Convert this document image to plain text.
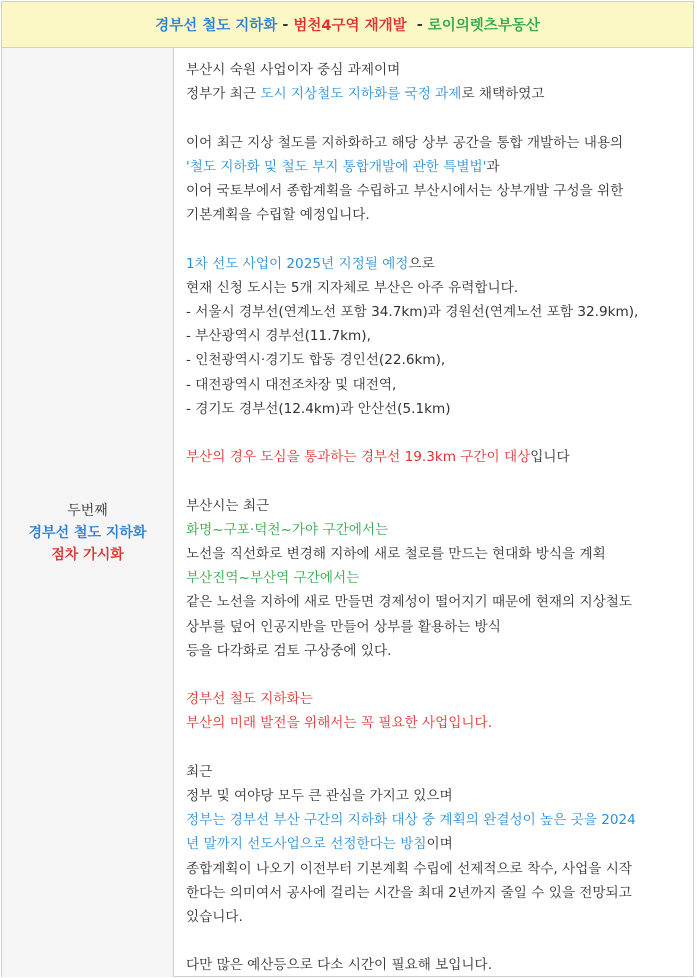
경부선 철도 지하화 - 범천4구역 재개발 - 로이의렛츠부동산
두번째
경부선 철도 지하화
점차 가시화
부산시 숙원 사업이자 중심 과제이며
정부가 최근 도시 지상철도 지하화를 국정 과제로 채택하였고
이어 최근 지상 철도를 지하화하고 해당 상부 공간을 통합 개발하는 내용의
'철도 지하화 및 철도 부지 통합개발에 관한 특별법'과
이어 국토부에서 종합계획을 수립하고 부산시에서는 상부개발 구성을 위한
기본계획을 수립할 예정입니다.
1차 선도 사업이 2025년 지정될 예정으로
현재 신청 도시는 5개 지자체로 부산은 아주 유력합니다.
- 서울시 경부선(연계노선 포함 34.7km)과 경원선(연계노선 포함 32.9km),
- 부산광역시 경부선(11.7km),
- 인천광역시·경기도 합동 경인선(22.6km),
- 대전광역시 대전조차장 및 대전역,
- 경기도 경부선(12.4km)과 안산선(5.1km)
부산의 경우 도심을 통과하는 경부선 19.3km 구간이 대상입니다
부산시는 최근
화명~구포·덕천~가야 구간에서는
노선을 직선화로 변경해 지하에 새로 철로를 만드는 현대화 방식을 계획
부산진역~부산역 구간에서는
같은 노선을 지하에 새로 만들면 경제성이 떨어지기 때문에 현재의 지상철도
상부를 덮어 인공지반을 만들어 상부를 활용하는 방식
등을 다각화로 검토 구상중에 있다.
경부선 철도 지하화는
부산의 미래 발전을 위해서는 꼭 필요한 사업입니다.
최근
정부 및 여야당 모두 큰 관심을 가지고 있으며
정부는 경부선 부산 구간의 지하화 대상 중 계획의 완결성이 높은 곳을 2024
년 말까지 선도사업으로 선정한다는 방침이며
종합계획이 나오기 이전부터 기본계획 수립에 선제적으로 착수, 사업을 시작
한다는 의미여서 공사에 걸리는 시간을 최대 2년까지 줄일 수 있을 전망되고
있습니다.
다만 많은 예산등으로 다소 시간이 필요해 보입니다.
